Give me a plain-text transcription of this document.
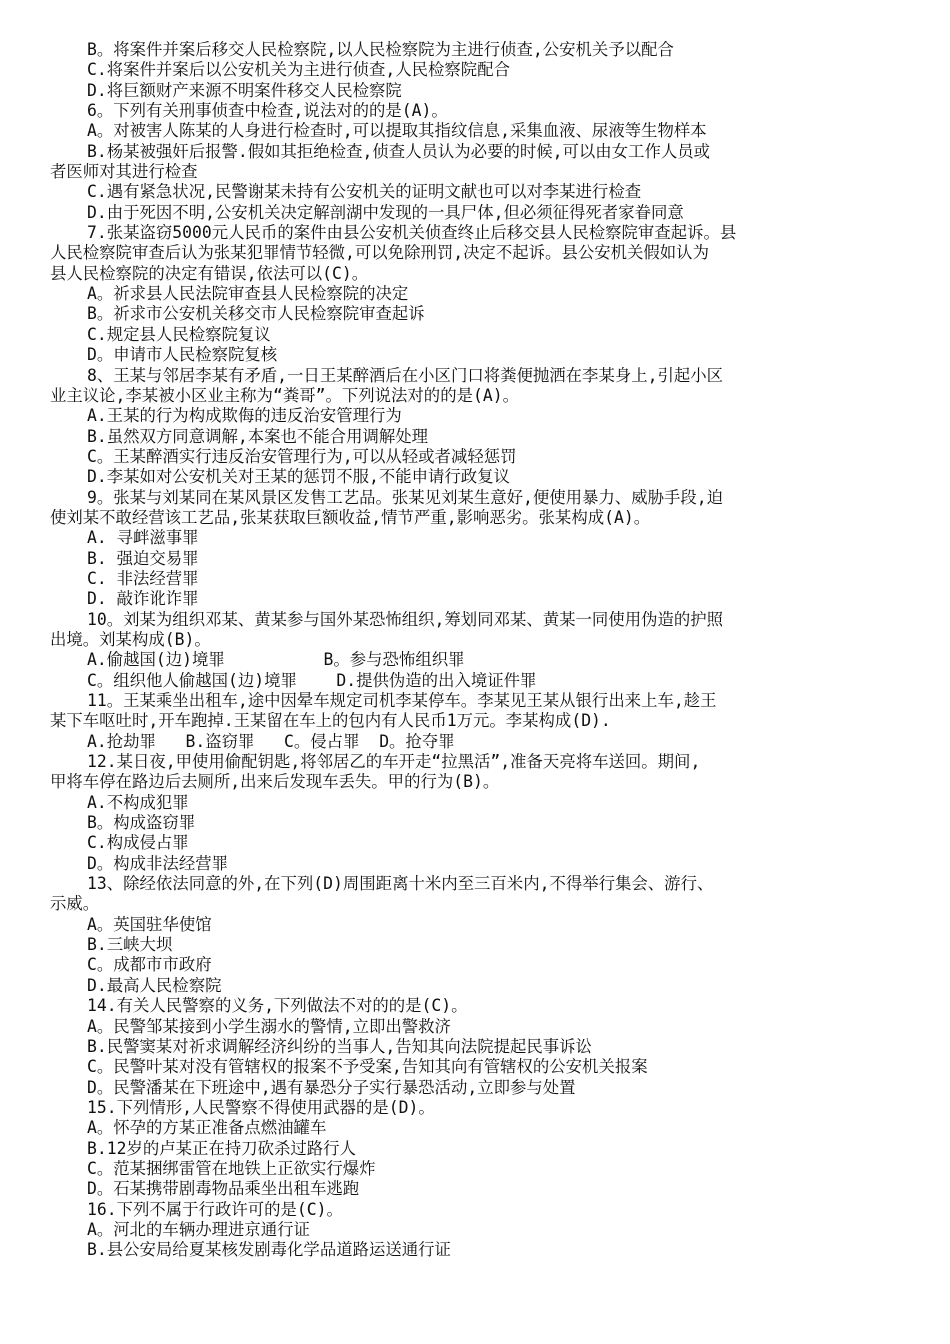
B。将案件并案后移交人民检察院,以人民检察院为主进行侦查,公安机关予以配合
C.将案件并案后以公安机关为主进行侦查,人民检察院配合
D.将巨额财产来源不明案件移交人民检察院
6。下列有关刑事侦查中检查,说法对的的是(A)。
A。对被害人陈某的人身进行检查时,可以提取其指纹信息,采集血液、尿液等生物样本
B.杨某被强奸后报警.假如其拒绝检查,侦查人员认为必要的时候,可以由女工作人员或
者医师对其进行检查
C.遇有紧急状况,民警谢某未持有公安机关的证明文献也可以对李某进行检查
D.由于死因不明,公安机关决定解剖湖中发现的一具尸体,但必须征得死者家眷同意
7.张某盗窃5000元人民币的案件由县公安机关侦查终止后移交县人民检察院审查起诉。县
人民检察院审查后认为张某犯罪情节轻微,可以免除刑罚,决定不起诉。县公安机关假如认为
县人民检察院的决定有错误,依法可以(C)。
A。祈求县人民法院审查县人民检察院的决定
B。祈求市公安机关移交市人民检察院审查起诉
C.规定县人民检察院复议
D。申请市人民检察院复核
8、王某与邻居李某有矛盾,一日王某醉酒后在小区门口将粪便抛洒在李某身上,引起小区
业主议论,李某被小区业主称为“粪哥”。下列说法对的的是(A)。
A.王某的行为构成欺侮的违反治安管理行为
B.虽然双方同意调解,本案也不能合用调解处理
C。王某醉酒实行违反治安管理行为,可以从轻或者减轻惩罚
D.李某如对公安机关对王某的惩罚不服,不能申请行政复议
9。张某与刘某同在某风景区发售工艺品。张某见刘某生意好,便使用暴力、威胁手段,迫
使刘某不敢经营该工艺品,张某获取巨额收益,情节严重,影响恶劣。张某构成(A)。
A. 寻衅滋事罪
B. 强迫交易罪
C. 非法经营罪
D. 敲诈讹诈罪
10。刘某为组织邓某、黄某参与国外某恐怖组织,筹划同邓某、黄某一同使用伪造的护照
出境。刘某构成(B)。
A.偷越国(边)境罪          B。参与恐怖组织罪
C。组织他人偷越国(边)境罪    D.提供伪造的出入境证件罪
11。王某乘坐出租车,途中因晕车规定司机李某停车。李某见王某从银行出来上车,趁王
某下车呕吐时,开车跑掉.王某留在车上的包内有人民币1万元。李某构成(D).
A.抢劫罪   B.盗窃罪   C。侵占罪  D。抢夺罪
12.某日夜,甲使用偷配钥匙,将邻居乙的车开走“拉黑活”,准备天亮将车送回。期间,
甲将车停在路边后去厕所,出来后发现车丢失。甲的行为(B)。
A.不构成犯罪
B。构成盗窃罪
C.构成侵占罪
D。构成非法经营罪
13、除经依法同意的外,在下列(D)周围距离十米内至三百米内,不得举行集会、游行、
示威。
A。英国驻华使馆
B.三峡大坝
C。成都市市政府
D.最高人民检察院
14.有关人民警察的义务,下列做法不对的的是(C)。
A。民警邹某接到小学生溺水的警情,立即出警救济
B.民警窦某对祈求调解经济纠纷的当事人,告知其向法院提起民事诉讼
C。民警叶某对没有管辖权的报案不予受案,告知其向有管辖权的公安机关报案
D。民警潘某在下班途中,遇有暴恐分子实行暴恐活动,立即参与处置
15.下列情形,人民警察不得使用武器的是(D)。
A。怀孕的方某正准备点燃油罐车
B.12岁的卢某正在持刀砍杀过路行人
C。范某捆绑雷管在地铁上正欲实行爆炸
D。石某携带剧毒物品乘坐出租车逃跑
16.下列不属于行政许可的是(C)。
A。河北的车辆办理进京通行证
B.县公安局给夏某核发剧毒化学品道路运送通行证
